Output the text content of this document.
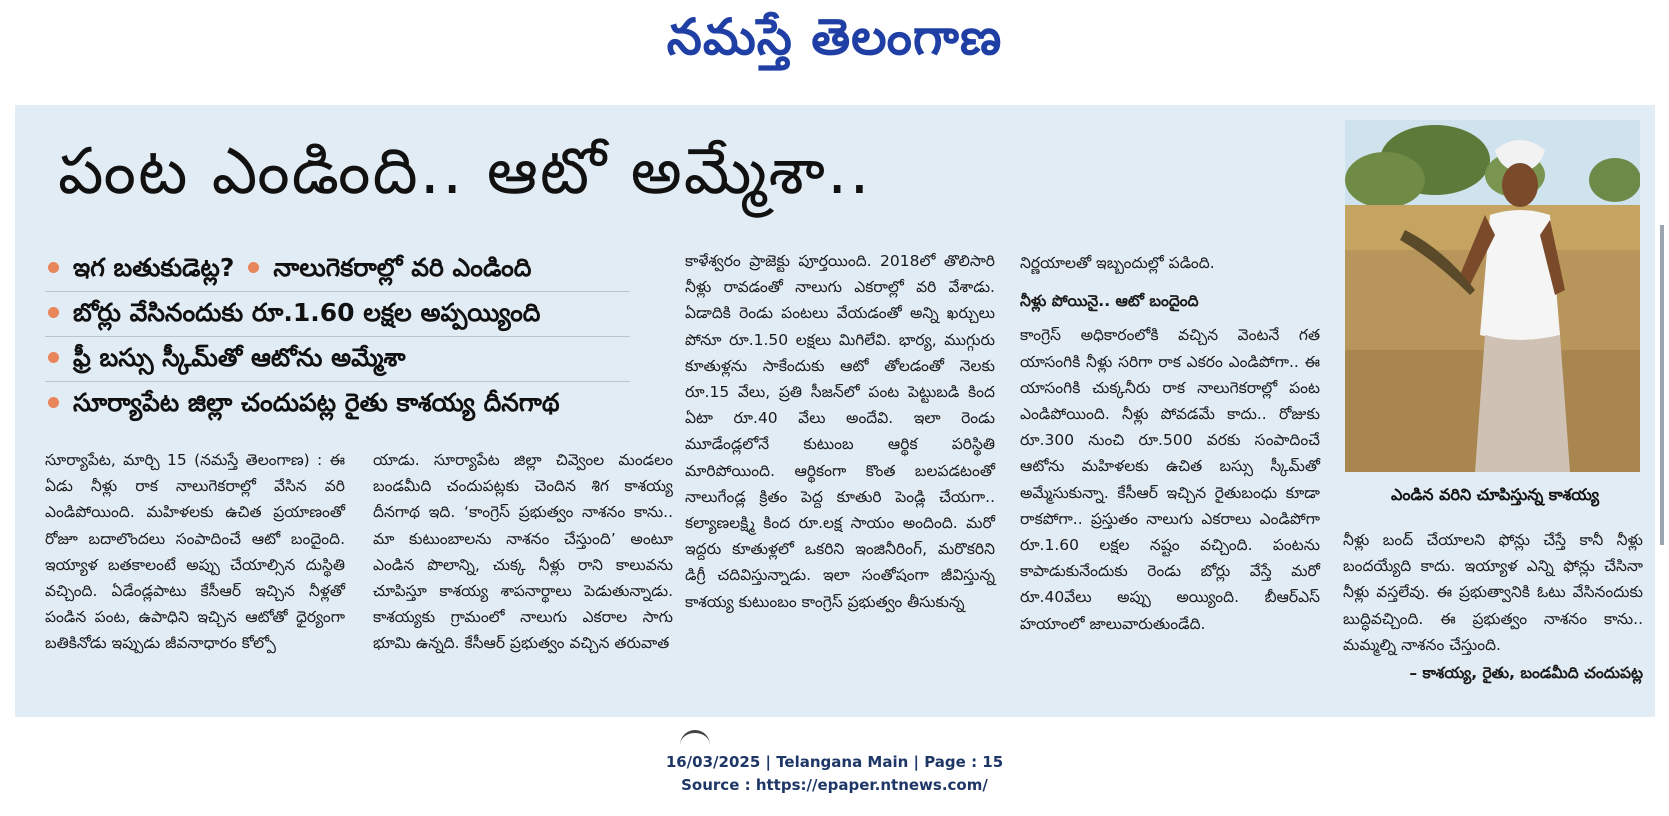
నమస్తే తెలంగాణ
పంట ఎండింది.. ఆటో అమ్మేశా..
ఇగ బతుకుడెట్ల? నాలుగెకరాల్లో వరి ఎండింది
బోర్లు వేసినందుకు రూ.1.60 లక్షల అప్పయ్యింది
ఫ్రీ బస్సు స్కీమ్‌తో ఆటోను అమ్మేశా
సూర్యాపేట జిల్లా చందుపట్ల రైతు కాశయ్య దీనగాథ

సూర్యాపేట, మార్చి 15 (నమస్తే తెలంగాణ) : ఈ ఏడు నీళ్లు రాక నాలుగెకరాల్లో వేసిన వరి ఎండిపోయింది. మహిళలకు ఉచిత ప్రయాణంతో రోజూ బదాలొందలు సంపాదించే ఆటో బందైంది. ఇయ్యాళ బతకాలంటే అప్పు చేయాల్సిన దుస్థితి వచ్చింది. ఏడేండ్లపాటు కేసీఆర్ ఇచ్చిన నీళ్లతో పండిన పంట, ఉపాధిని ఇచ్చిన ఆటోతో ధైర్యంగా బతికినోడు ఇప్పుడు జీవనాధారం కోల్పో

యాడు. సూర్యాపేట జిల్లా చివ్వెంల మండలం బండమీది చందుపట్లకు చెందిన శిగ కాశయ్య దీనగాథ ఇది. ‘కాంగ్రెస్ ప్రభుత్వం నాశనం కాను.. మా కుటుంబాలను నాశనం చేస్తుంది’ అంటూ ఎండిన పొలాన్ని, చుక్క నీళ్లు రాని కాలువను చూపిస్తూ కాశయ్య శాపనార్థాలు పెడుతున్నాడు. కాశయ్యకు గ్రామంలో నాలుగు ఎకరాల సాగు భూమి ఉన్నది. కేసీఆర్ ప్రభుత్వం వచ్చిన తరువాత

కాళేశ్వరం ప్రాజెక్టు పూర్తయింది. 2018లో తొలిసారి నీళ్లు రావడంతో నాలుగు ఎకరాల్లో వరి వేశాడు. ఏడాదికి రెండు పంటలు వేయడంతో అన్ని ఖర్చులు పోనూ రూ.1.50 లక్షలు మిగిలేవి. భార్య, ముగ్గురు కూతుళ్లను సాకేందుకు ఆటో తోలడంతో నెలకు రూ.15 వేలు, ప్రతి సీజన్‌లో పంట పెట్టుబడి కింద ఏటా రూ.40 వేలు అందేవి. ఇలా రెండు మూడేండ్లలోనే కుటుంబ ఆర్థిక పరిస్థితి మారిపోయింది. ఆర్థికంగా కొంత బలపడటంతో నాలుగేండ్ల క్రితం పెద్ద కూతురి పెండ్లి చేయగా.. కల్యాణలక్ష్మి కింద రూ.లక్ష సాయం అందింది. మరో ఇద్దరు కూతుళ్లలో ఒకరిని ఇంజినీరింగ్, మరొకరిని డిగ్రీ చదివిస్తున్నాడు. ఇలా సంతోషంగా జీవిస్తున్న కాశయ్య కుటుంబం కాంగ్రెస్ ప్రభుత్వం తీసుకున్న

నిర్ణయాలతో ఇబ్బందుల్లో పడింది.

నీళ్లు పోయినై.. ఆటో బందైంది

కాంగ్రెస్ అధికారంలోకి వచ్చిన వెంటనే గత యాసంగికి నీళ్లు సరిగా రాక ఎకరం ఎండిపోగా.. ఈ యాసంగికి చుక్కనీరు రాక నాలుగెకరాల్లో పంట ఎండిపోయింది. నీళ్లు పోవడమే కాదు.. రోజుకు రూ.300 నుంచి రూ.500 వరకు సంపాదించే ఆటోను మహిళలకు ఉచిత బస్సు స్కీమ్‌తో అమ్మేసుకున్నా. కేసీఆర్ ఇచ్చిన రైతుబంధు కూడా రాకపోగా.. ప్రస్తుతం నాలుగు ఎకరాలు ఎండిపోగా రూ.1.60 లక్షల నష్టం వచ్చింది. పంటను కాపాడుకునేందుకు రెండు బోర్లు వేస్తే మరో రూ.40వేలు అప్పు అయ్యింది. బీఆర్ఎస్ హయాంలో జాలువారుతుండేది.

ఎండిన వరిని చూపిస్తున్న కాశయ్య

నీళ్లు బంద్ చేయాలని ఫోన్లు చేస్తే కానీ నీళ్లు బందయ్యేది కాదు. ఇయ్యాళ ఎన్ని ఫోన్లు చేసినా నీళ్లు వస్తలేవు. ఈ ప్రభుత్వానికి ఓటు వేసినందుకు బుద్ధివచ్చింది. ఈ ప్రభుత్వం నాశనం కాను.. మమ్మల్ని నాశనం చేస్తుంది.

– కాశయ్య, రైతు, బండమీది చందుపట్ల
16/03/2025 | Telangana Main | Page : 15
Source : https://epaper.ntnews.com/
